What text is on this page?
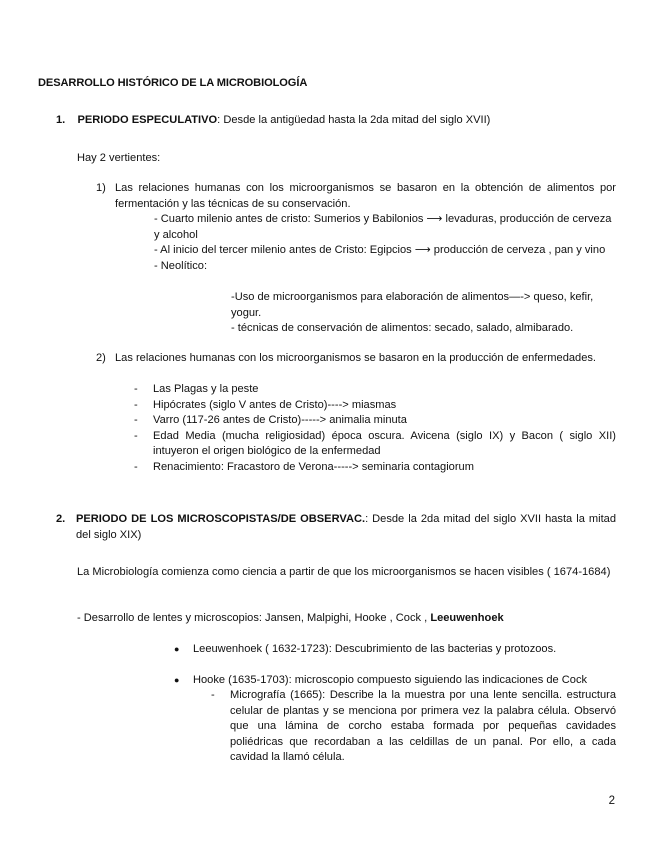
DESARROLLO HISTÓRICO DE LA MICROBIOLOGÍA

1. PERIODO ESPECULATIVO: Desde la antigüedad hasta la 2da mitad del siglo XVII)

Hay 2 vertientes:

1) Las relaciones humanas con los microorganismos se basaron en la obtención de alimentos por fermentación y las técnicas de su conservación.

- Cuarto milenio antes de cristo: Sumerios y Babilonios ⟶ levaduras, producción de cerveza y alcohol

- Al inicio del tercer milenio antes de Cristo: Egipcios ⟶ producción de cerveza , pan y vino

- Neolítico:

-Uso de microorganismos para elaboración de alimentos—-> queso, kefir, yogur.

- técnicas de conservación de alimentos: secado, salado, almibarado.

2) Las relaciones humanas con los microorganismos se basaron en la producción de enfermedades.

- Las Plagas y la peste
- Hipócrates (siglo V antes de Cristo)----> miasmas
- Varro (117-26 antes de Cristo)-----> animalia minuta
- Edad Media (mucha religiosidad) época oscura. Avicena (siglo IX) y Bacon ( siglo XII) intuyeron el origen biológico de la enfermedad
- Renacimiento: Fracastoro de Verona-----> seminaria contagiorum
2. PERIODO DE LOS MICROSCOPISTAS/DE OBSERVAC.: Desde la 2da mitad del siglo XVII hasta la mitad del siglo XIX)

La Microbiología comienza como ciencia a partir de que los microorganismos se hacen visibles ( 1674-1684)

- Desarrollo de lentes y microscopios: Jansen, Malpighi, Hooke , Cock , Leeuwenhoek

● Leeuwenhoek ( 1632-1723): Descubrimiento de las bacterias y protozoos.

● Hooke (1635-1703): microscopio compuesto siguiendo las indicaciones de Cock

- Micrografía (1665): Describe la la muestra por una lente sencilla. estructura celular de plantas y se menciona por primera vez la palabra célula. Observó que una lámina de corcho estaba formada por pequeñas cavidades poliédricas que recordaban a las celdillas de un panal. Por ello, a cada cavidad la llamó célula.

2
